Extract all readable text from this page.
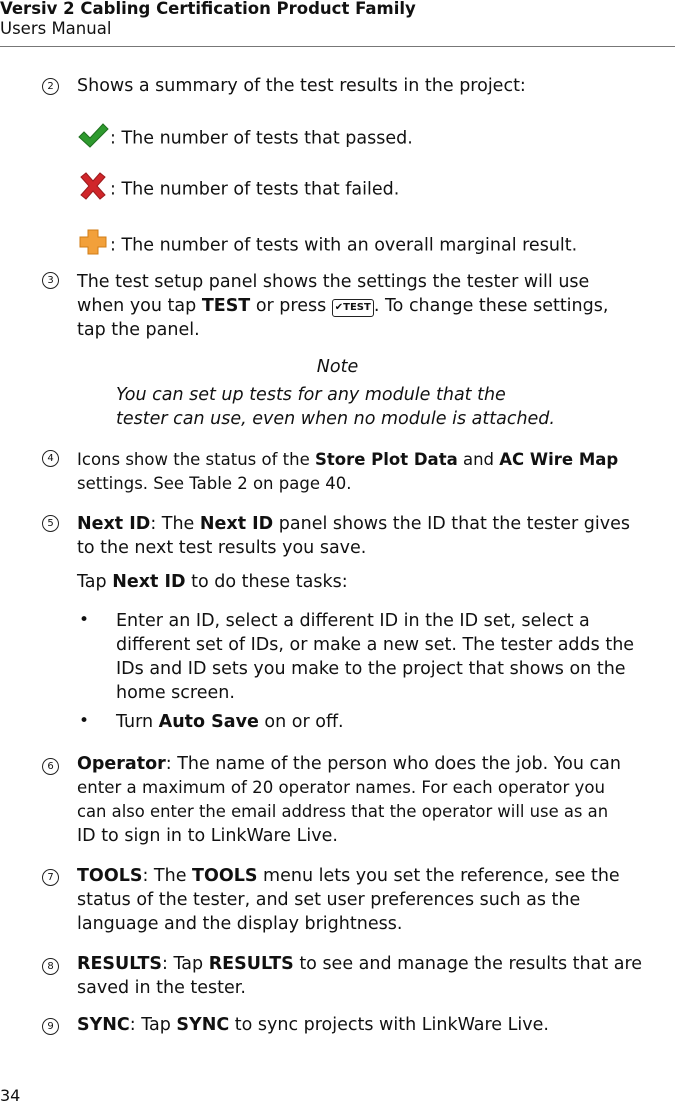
Versiv 2 Cabling Certification Product Family
Users Manual
2	Shows a summary of the test results in the project:
: The number of tests that passed.
: The number of tests that failed.
: The number of tests with an overall marginal result.
3	The test setup panel shows the settings the tester will use
when you tap TEST or press ✔TEST . To change these settings,
tap the panel.
Note
You can set up tests for any module that the
tester can use, even when no module is attached.
4	Icons show the status of the Store Plot Data and AC Wire Map
settings. See Table 2 on page 40.
5	Next ID: The Next ID panel shows the ID that the tester gives
to the next test results you save.
Tap Next ID to do these tasks:
• Enter an ID, select a different ID in the ID set, select a
different set of IDs, or make a new set. The tester adds the
IDs and ID sets you make to the project that shows on the
home screen.
• Turn Auto Save on or off.
6	Operator: The name of the person who does the job. You can
enter a maximum of 20 operator names. For each operator you
can also enter the email address that the operator will use as an
ID to sign in to LinkWare Live.
7	TOOLS: The TOOLS menu lets you set the reference, see the
status of the tester, and set user preferences such as the
language and the display brightness.
8	RESULTS: Tap RESULTS to see and manage the results that are
saved in the tester.
9	SYNC: Tap SYNC to sync projects with LinkWare Live.
34
